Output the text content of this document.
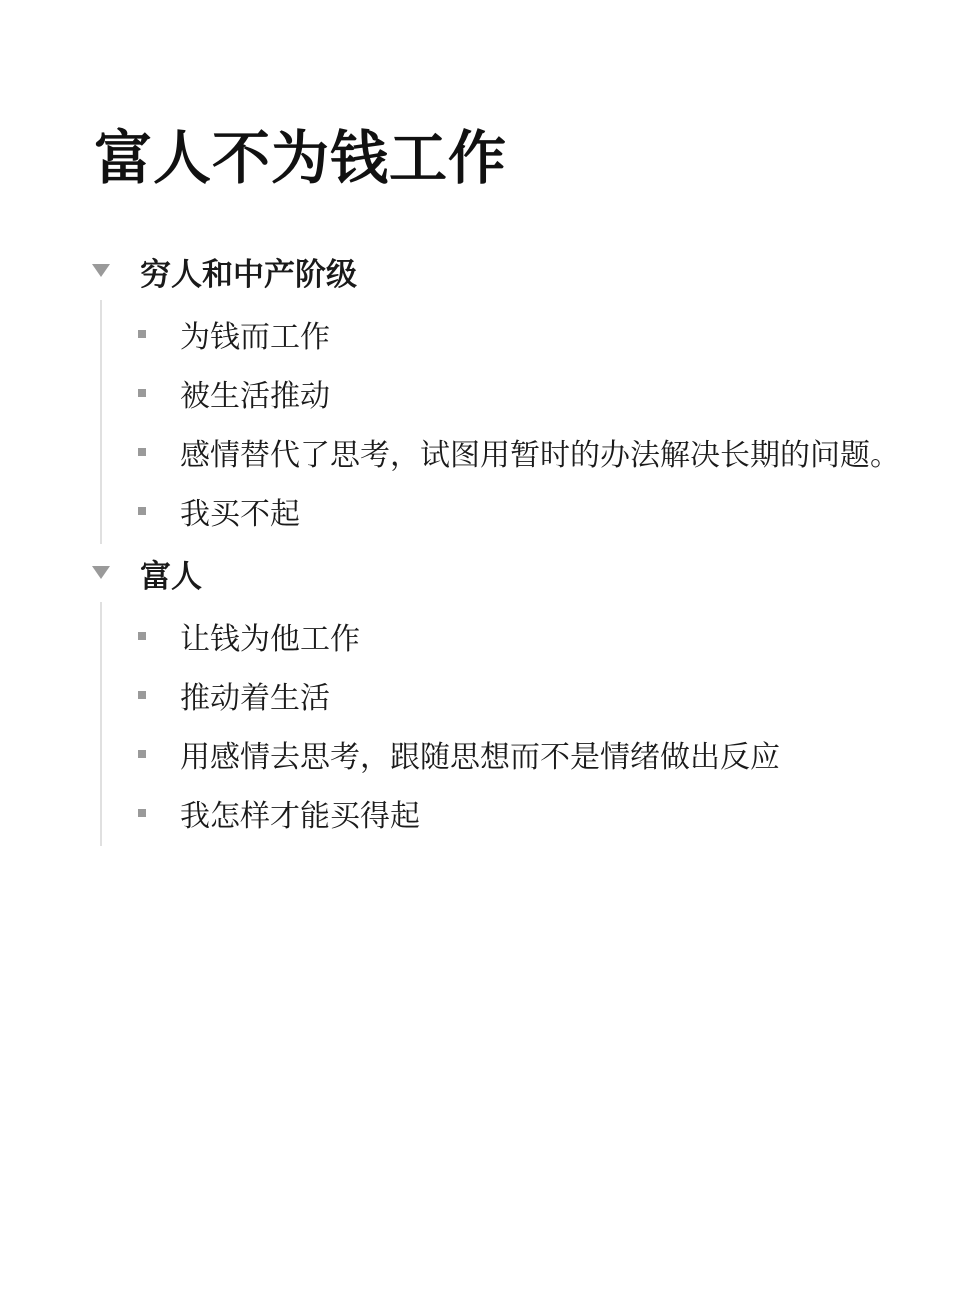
富人不为钱工作
穷人和中产阶级
为钱而工作
被生活推动
感情替代了思考，试图用暂时的办法解决长期的问题。
我买不起
富人
让钱为他工作
推动着生活
用感情去思考，跟随思想而不是情绪做出反应
我怎样才能买得起
